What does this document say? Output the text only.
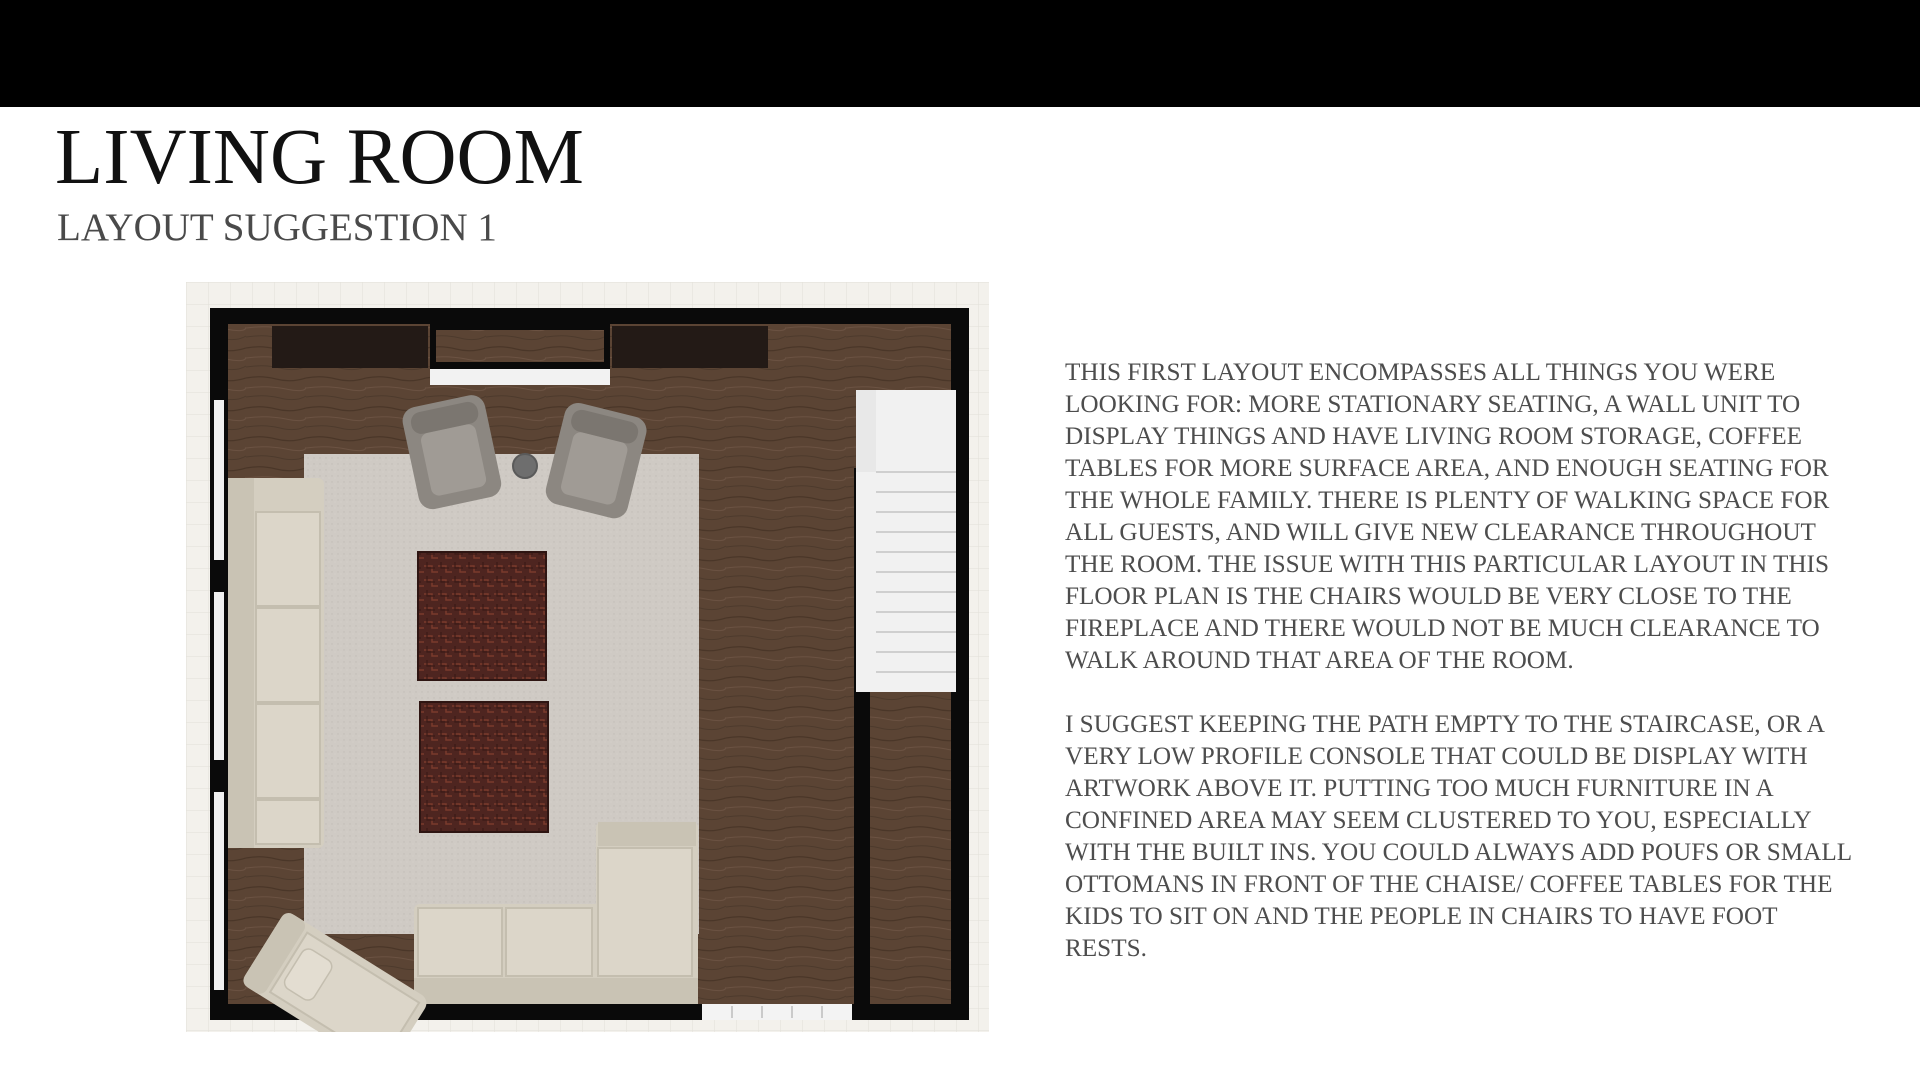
LIVING ROOM
LAYOUT SUGGESTION 1

THIS FIRST LAYOUT ENCOMPASSES ALL THINGS YOU WERE LOOKING FOR: MORE STATIONARY SEATING, A WALL UNIT TO DISPLAY THINGS AND HAVE LIVING ROOM STORAGE, COFFEE TABLES FOR MORE SURFACE AREA, AND ENOUGH SEATING FOR THE WHOLE FAMILY. THERE IS PLENTY OF WALKING SPACE FOR ALL GUESTS, AND WILL GIVE NEW CLEARANCE THROUGHOUT THE ROOM. THE ISSUE WITH THIS PARTICULAR LAYOUT IN THIS FLOOR PLAN IS THE CHAIRS WOULD BE VERY CLOSE TO THE FIREPLACE AND THERE WOULD NOT BE MUCH CLEARANCE TO WALK AROUND THAT AREA OF THE ROOM.

I SUGGEST KEEPING THE PATH EMPTY TO THE STAIRCASE, OR A VERY LOW PROFILE CONSOLE THAT COULD BE DISPLAY WITH ARTWORK ABOVE IT. PUTTING TOO MUCH FURNITURE IN A CONFINED AREA MAY SEEM CLUSTERED TO YOU, ESPECIALLY WITH THE BUILT INS. YOU COULD ALWAYS ADD POUFS OR SMALL OTTOMANS IN FRONT OF THE CHAISE/ COFFEE TABLES FOR THE KIDS TO SIT ON AND THE PEOPLE IN CHAIRS TO HAVE FOOT RESTS.
